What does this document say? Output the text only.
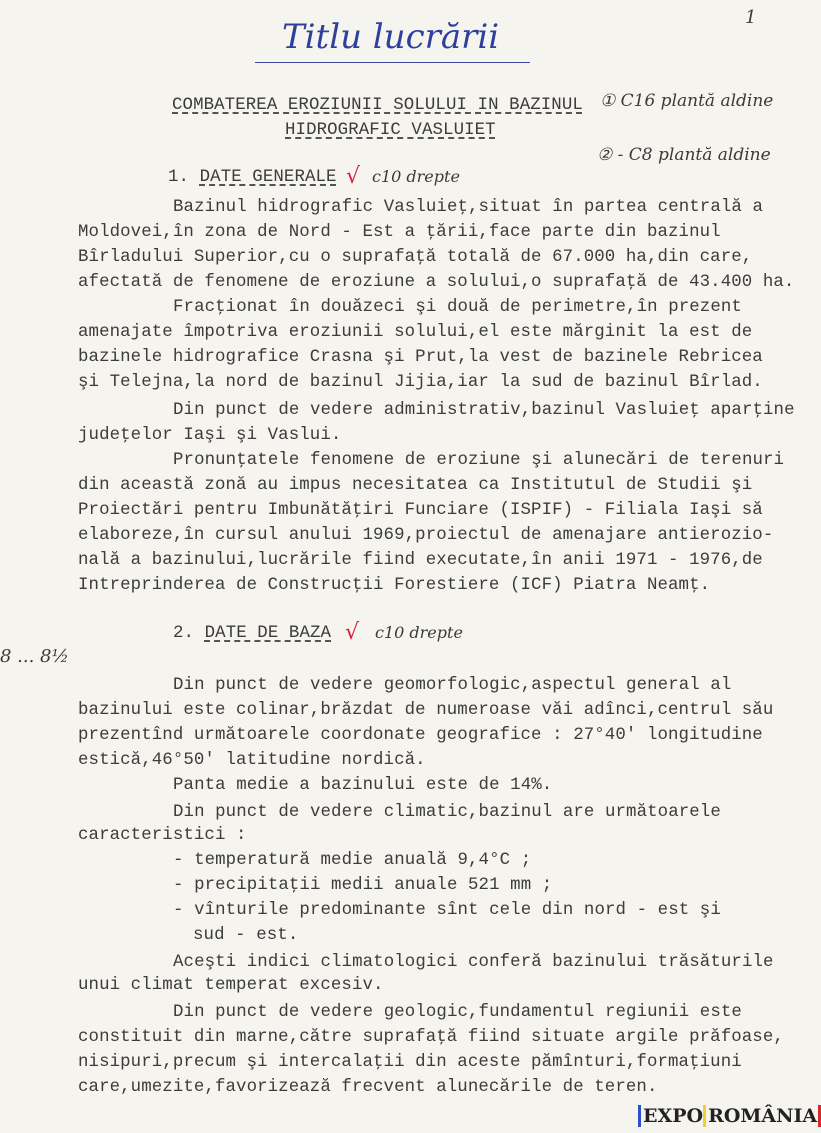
Titlu lucrării	1
COMBATEREA EROZIUNII SOLULUI IN BAZINUL
HIDROGRAFIC VASLUIET
① C16 plantă aldine
② - C8 plantă aldine
1. DATE GENERALE √ c10 drepte
Bazinul hidrografic Vasluieţ,situat în partea centrală a
Moldovei,în zona de Nord - Est a ţării,face parte din bazinul
Bîrladului Superior,cu o suprafaţă totală de 67.000 ha,din care,
afectată de fenomene de eroziune a solului,o suprafaţă de 43.400 ha.
Fracţionat în douăzeci şi două de perimetre,în prezent
amenajate împotriva eroziunii solului,el este mărginit la est de
bazinele hidrografice Crasna şi Prut,la vest de bazinele Rebricea
şi Telejna,la nord de bazinul Jijia,iar la sud de bazinul Bîrlad.
Din punct de vedere administrativ,bazinul Vasluieţ aparţine
judeţelor Iaşi şi Vaslui.
Pronunţatele fenomene de eroziune şi alunecări de terenuri
din această zonă au impus necesitatea ca Institutul de Studii şi
Proiectări pentru Imbunătăţiri Funciare (ISPIF) - Filiala Iaşi să
elaboreze,în cursul anului 1969,proiectul de amenajare antierozio-
nală a bazinului,lucrările fiind executate,în anii 1971 - 1976,de
Intreprinderea de Construcţii Forestiere (ICF) Piatra Neamţ.
2. DATE DE BAZA √ c10 drepte
8 ... 8½
Din punct de vedere geomorfologic,aspectul general al
bazinului este colinar,brăzdat de numeroase văi adînci,centrul său
prezentînd următoarele coordonate geografice : 27°40' longitudine
estică,46°50' latitudine nordică.
Panta medie a bazinului este de 14%.
Din punct de vedere climatic,bazinul are următoarele
caracteristici :
- temperatură medie anuală 9,4°C ;
- precipitaţii medii anuale 521 mm ;
- vînturile predominante sînt cele din nord - est şi
sud - est.
Aceşti indici climatologici conferă bazinului trăsăturile
unui climat temperat excesiv.
Din punct de vedere geologic,fundamentul regiunii este
constituit din marne,către suprafaţă fiind situate argile prăfoase,
nisipuri,precum şi intercalaţii din aceste pămînturi,formaţiuni
care,umezite,favorizează frecvent alunecările de teren.
EXPO ROMÂNIA
